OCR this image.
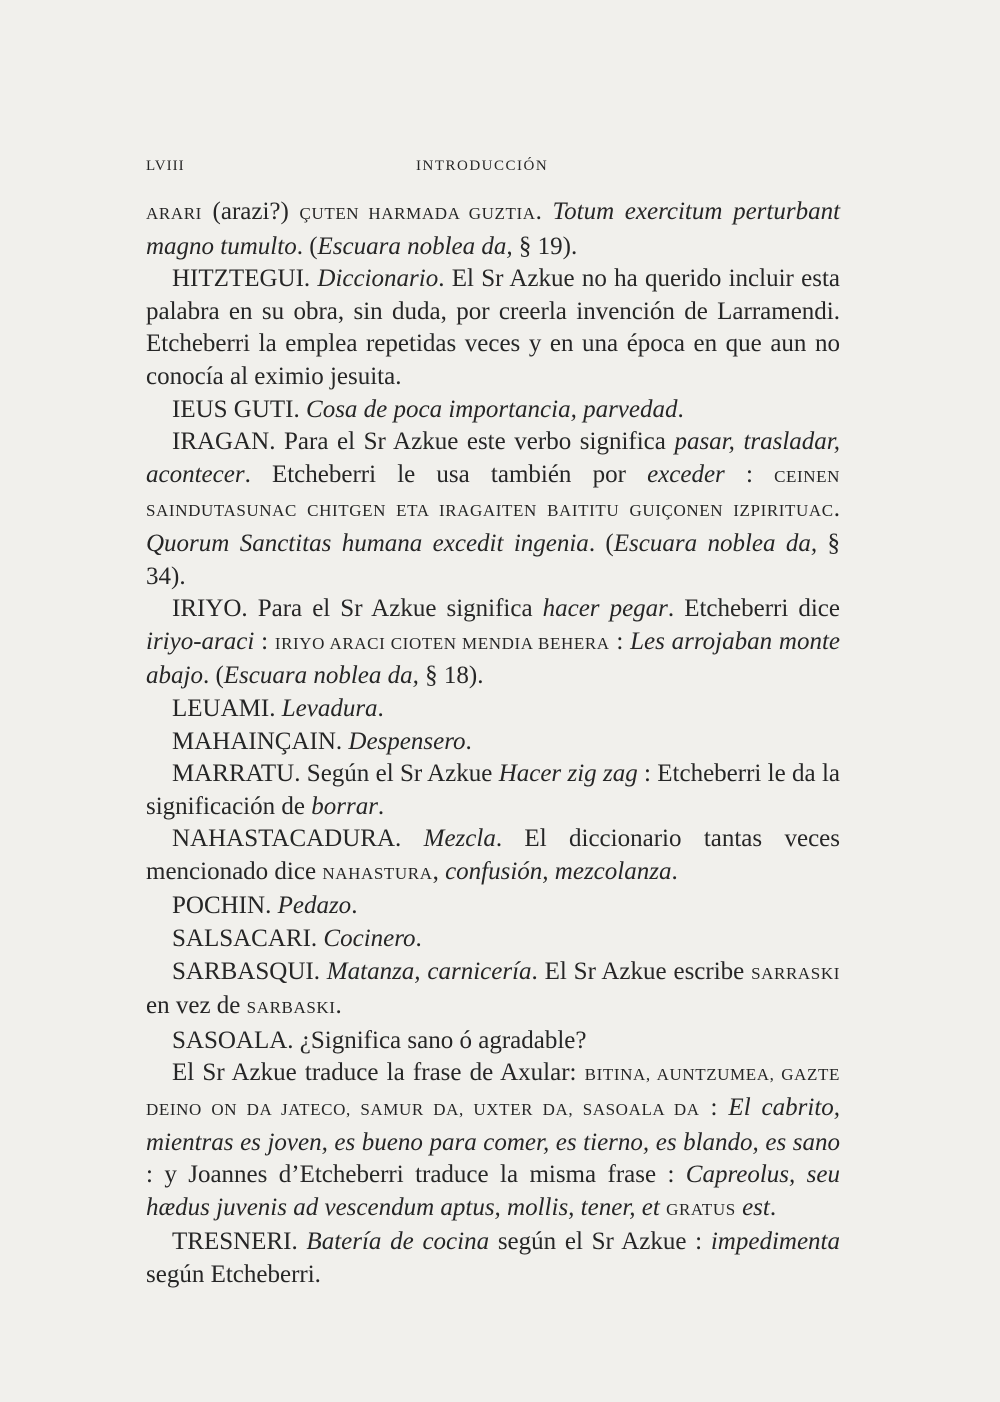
LVIII	INTRODUCCIÓN

ARARI (arazi?) ÇUTEN HARMADA GUZTIA. Totum exercitum perturbant magno tumulto. (Escuara noblea da, § 19).

HITZTEGUI. Diccionario. El Sr Azkue no ha querido incluir esta palabra en su obra, sin duda, por creerla invención de Larramendi. Etcheberri la emplea repetidas veces y en una época en que aun no conocía al eximio jesuita.

IEUS GUTI. Cosa de poca importancia, parvedad.

IRAGAN. Para el Sr Azkue este verbo significa pasar, trasladar, acontecer. Etcheberri le usa también por exceder : CEINEN SAINDUTASUNAC CHITGEN ETA IRAGAITEN BAITITU GUIÇONEN IZPIRITUAC. Quorum Sanctitas humana excedit ingenia. (Escuara noblea da, § 34).

IRIYO. Para el Sr Azkue significa hacer pegar. Etcheberri dice iriyo-araci : IRIYO ARACI CIOTEN MENDIA BEHERA : Les arrojaban monte abajo. (Escuara noblea da, § 18).

LEUAMI. Levadura.

MAHAINÇAIN. Despensero.

MARRATU. Según el Sr Azkue Hacer zig zag : Etcheberri le da la significación de borrar.

NAHASTACADURA. Mezcla. El diccionario tantas veces mencionado dice NAHASTURA, confusión, mezcolanza.

POCHIN. Pedazo.

SALSACARI. Cocinero.

SARBASQUI. Matanza, carnicería. El Sr Azkue escribe SARRASKI en vez de SARBASKI.

SASOALA. ¿Significa sano ó agradable?

El Sr Azkue traduce la frase de Axular: BITINA, AUNTZUMEA, GAZTE DEINO ON DA JATECO, SAMUR DA, UXTER DA, SASOALA DA : El cabrito, mientras es joven, es bueno para comer, es tierno, es blando, es sano : y Joannes d’Etcheberri traduce la misma frase : Capreolus, seu hædus juvenis ad vescendum aptus, mollis, tener, et GRATUS est.

TRESNERI. Batería de cocina según el Sr Azkue : impedimenta según Etcheberri.
